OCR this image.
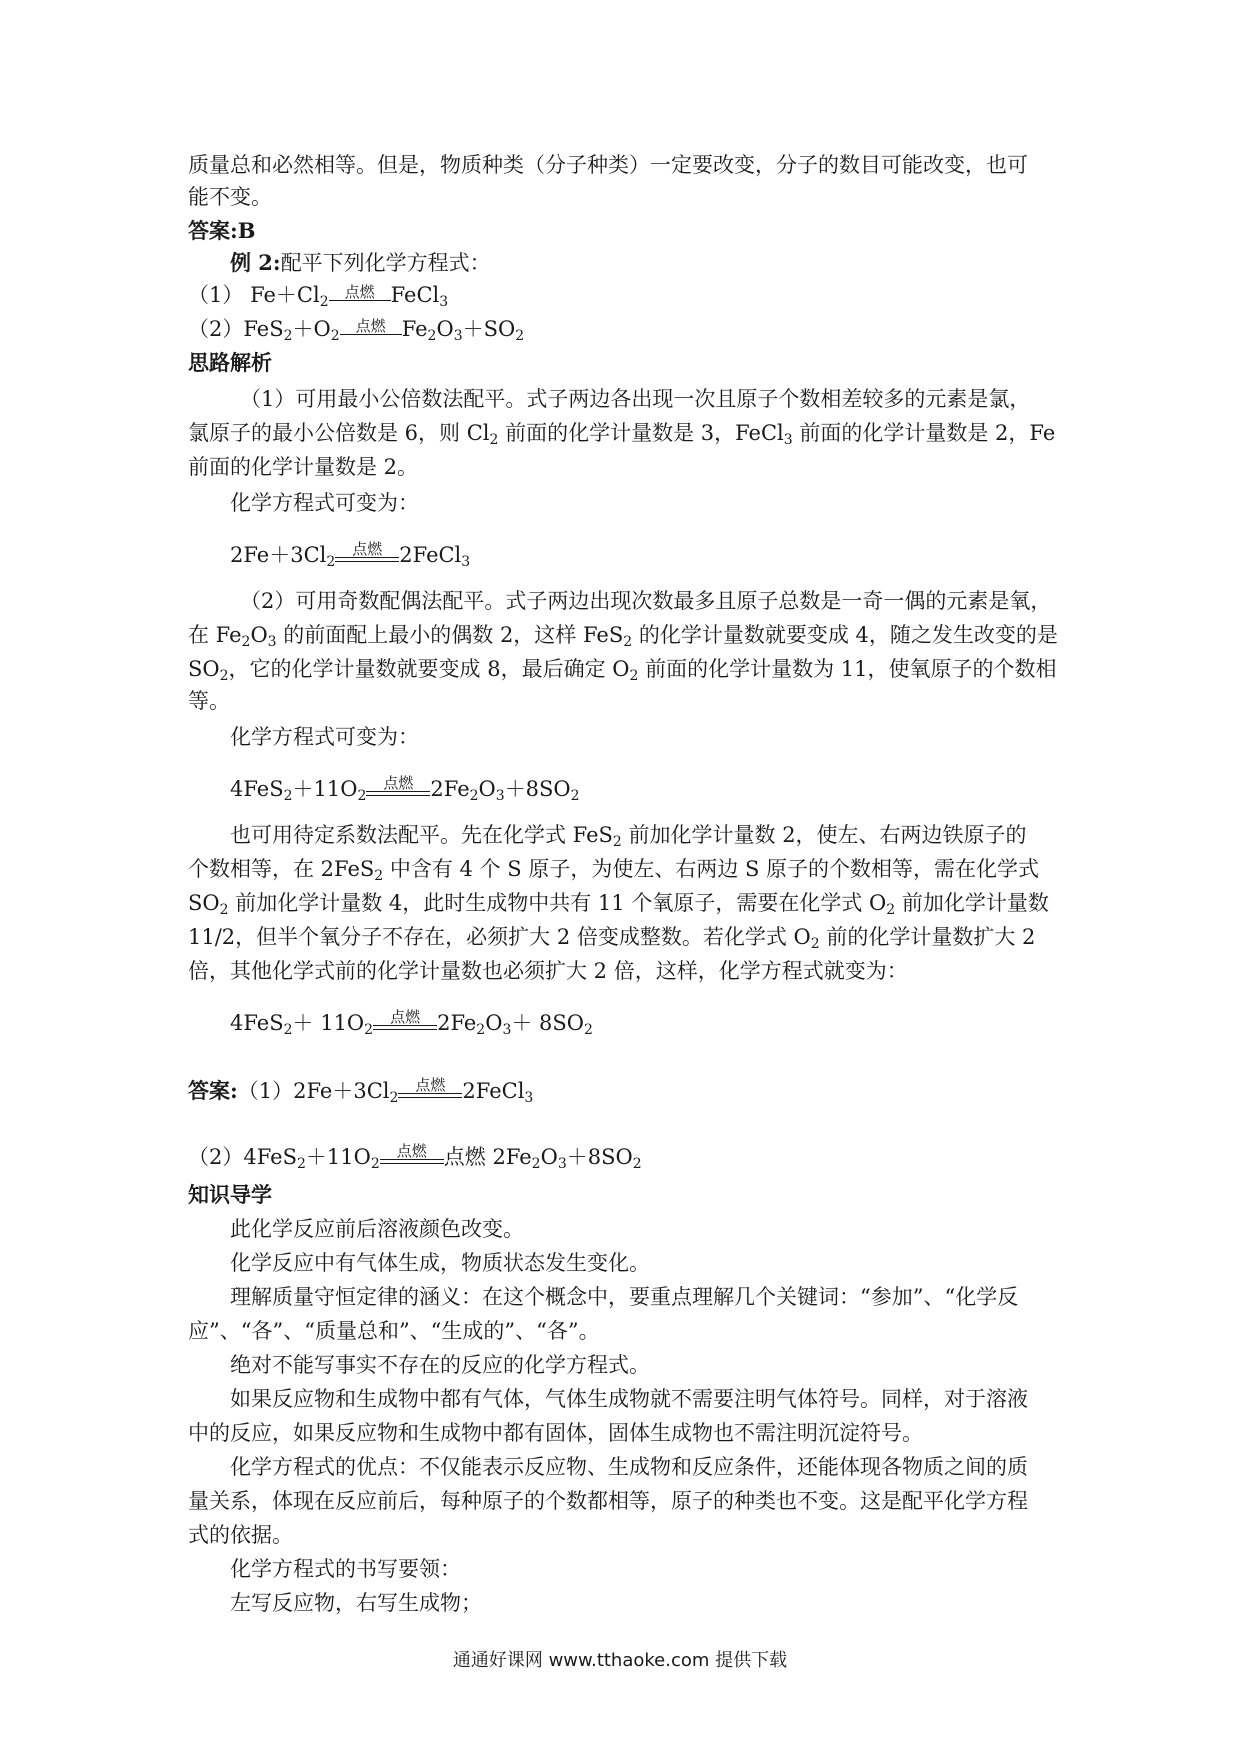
质量总和必然相等。但是，物质种类（分子种类）一定要改变，分子的数目可能改变，也可
能不变。
答案:B
例 2:配平下列化学方程式：
（1） $Fe+Cl_2$
点燃 FeCl$_3$
$(2)FeS_2+O_2$
点燃 $Fe_2O_3+SO_2$
思路解析
（1）可用最小公倍数法配平。式子两边各出现一次且原子个数相差较多的元素是氯，
氯原子的最小公倍数是 6，则 $Cl_2$ 前面的化学计量数是 3，FeCl$_3$ 前面的化学计量数是 2，Fe
前面的化学计量数是 2。
化学方程式可变为：
$2Fe+3Cl_2$
点燃 2FeCl$_3$
（2）可用奇数配偶法配平。式子两边出现次数最多且原子总数是一奇一偶的元素是氧，
在 $Fe_2O_3$ 的前面配上最小的偶数 2，这样 FeS$_2$ 的化学计量数就要变成 4，随之发生改变的是
$SO_2$，它的化学计量数就要变成 8，最后确定 $O_2$ 前面的化学计量数为 11，使氧原子的个数相
等。
化学方程式可变为：
$4FeS_2+11O_2$
点燃 $2Fe_2O_3+8SO_2$
也可用待定系数法配平。先在化学式 FeS$_2$ 前加化学计量数 2，使左、右两边铁原子的
个数相等，在 2FeS$_2$ 中含有 4 个 S 原子，为使左、右两边 S 原子的个数相等，需在化学式
$SO_2$ 前加化学计量数 4，此时生成物中共有 11 个氧原子，需要在化学式 $O_2$ 前加化学计量数
11/2，但半个氧分子不存在，必须扩大 2 倍变成整数。若化学式 $O_2$ 前的化学计量数扩大 2
倍，其他化学式前的化学计量数也必须扩大 2 倍，这样，化学方程式就变为：
$4FeS_2+ 11O_2$
点燃 $2Fe_2O_3+ 8SO_2$
答案$:(1)2Fe+3Cl_2$
点燃 2FeCl$_3$
$(2)4FeS_2+11O_2$
点燃 点燃 $2Fe_2O_3+8SO_2$
知识导学
此化学反应前后溶液颜色改变。
化学反应中有气体生成，物质状态发生变化。
理解质量守恒定律的涵义：在这个概念中，要重点理解几个关键词：“参加”、“化学反
应”、“各”、“质量总和”、“生成的”、“各”。
绝对不能写事实不存在的反应的化学方程式。
如果反应物和生成物中都有气体，气体生成物就不需要注明气体符号。同样，对于溶液
中的反应，如果反应物和生成物中都有固体，固体生成物也不需注明沉淀符号。
化学方程式的优点：不仅能表示反应物、生成物和反应条件，还能体现各物质之间的质
量关系，体现在反应前后，每种原子的个数都相等，原子的种类也不变。这是配平化学方程
式的依据。
化学方程式的书写要领：
左写反应物，右写生成物；
通通好课网 www.tthaoke.com 提供下载
